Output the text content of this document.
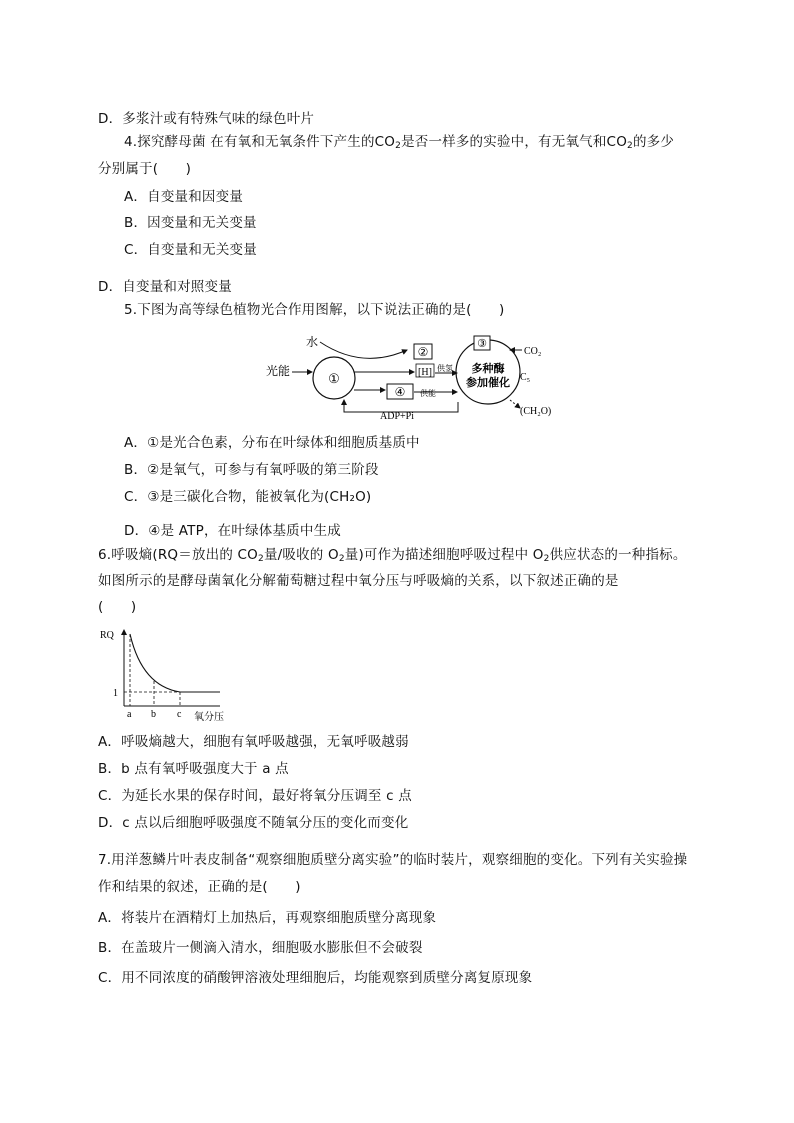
D．多浆汁或有特殊气味的绿色叶片
4.探究酵母菌 在有氧和无氧条件下产生的$CO_2$是否一样多的实验中，有无氧气和$CO_2$的多少
分别属于(　　)
A．自变量和因变量
B．因变量和无关变量
C．自变量和无关变量
D．自变量和对照变量
5.下图为高等绿色植物光合作用图解，以下说法正确的是(　　)
①
光能
水
②
[H] 供氢
④ 供能
ADP+Pi
③
多种酶
参加催化
CO₂
C₅
(CH₂O)
A．①是光合色素，分布在叶绿体和细胞质基质中
B．②是氧气，可参与有氧呼吸的第三阶段
C．③是三碳化合物，能被氧化为(CH₂O)
D．④是 ATP，在叶绿体基质中生成
6.呼吸熵(RQ＝放出的 $CO_2$量/吸收的 $O_2$量)可作为描述细胞呼吸过程中 $O_2$供应状态的一种指标。
如图所示的是酵母菌氧化分解葡萄糖过程中氧分压与呼吸熵的关系，以下叙述正确的是
(　　)
RQ
1
a b c 氧分压
A．呼吸熵越大，细胞有氧呼吸越强，无氧呼吸越弱
B．b 点有氧呼吸强度大于 a 点
C．为延长水果的保存时间，最好将氧分压调至 c 点
D．c 点以后细胞呼吸强度不随氧分压的变化而变化
7.用洋葱鳞片叶表皮制备“观察细胞质壁分离实验”的临时装片，观察细胞的变化。下列有关实验操
作和结果的叙述，正确的是(　　)
A．将装片在酒精灯上加热后，再观察细胞质壁分离现象
B．在盖玻片一侧滴入清水，细胞吸水膨胀但不会破裂
C．用不同浓度的硝酸钾溶液处理细胞后，均能观察到质壁分离复原现象
